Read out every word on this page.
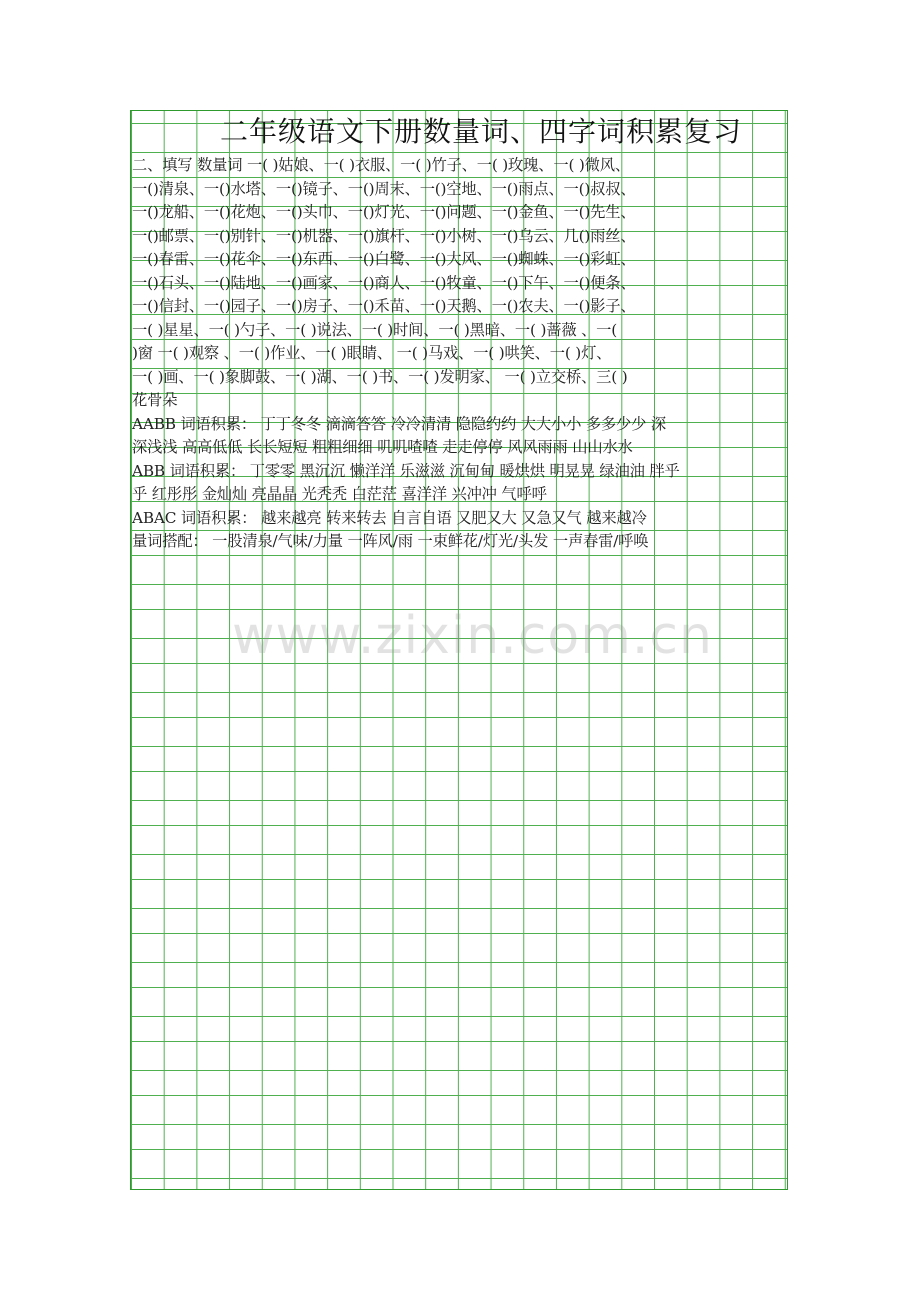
二年级语文下册数量词、四字词积累复习
二、填写 数量词 一( )姑娘、一( )衣服、一( )竹子、一( )玫瑰、一( )微风、
一()清泉、一()水塔、一()镜子、一()周末、一()空地、一()雨点、一()叔叔、
一()龙船、一()花炮、一()头巾、一()灯光、一()问题、一()金鱼、一()先生、
一()邮票、一()别针、一()机器、一()旗杆、一()小树、一()乌云、几()雨丝、
一()春雷、一()花伞、一()东西、一()白鹭、一()大风、一()蜘蛛、一()彩虹、
一()石头、一()陆地、一()画家、一()商人、一()牧童、一()下午、一()便条、
一()信封、一()园子、一()房子、一()禾苗、一()天鹅、一()农夫、一()影子、
一( )星星、一( )勺子、一( )说法、一( )时间、一( )黑暗、一( )蔷薇 、一(
)窗 一( )观察 、一( )作业、一( )眼睛、 一( )马戏、一( )哄笑、一( )灯、
一( )画、一( )象脚鼓、一( )湖、一( )书、一( )发明家、 一( )立交桥、三( )
花骨朵
AABB 词语积累： 丁丁冬冬 滴滴答答 冷冷清清 隐隐约约 大大小小 多多少少 深
深浅浅 高高低低 长长短短 粗粗细细 叽叽喳喳 走走停停 风风雨雨 山山水水
ABB 词语积累： 丁零零 黑沉沉 懒洋洋 乐滋滋 沉甸甸 暖烘烘 明晃晃 绿油油 胖乎
乎 红彤彤 金灿灿 亮晶晶 光秃秃 白茫茫 喜洋洋 兴冲冲 气呼呼
ABAC 词语积累： 越来越亮 转来转去 自言自语 又肥又大 又急又气 越来越冷
量词搭配： 一股清泉/气味/力量 一阵风/雨 一束鲜花/灯光/头发 一声春雷/呼唤
www.zixin.com.cn
